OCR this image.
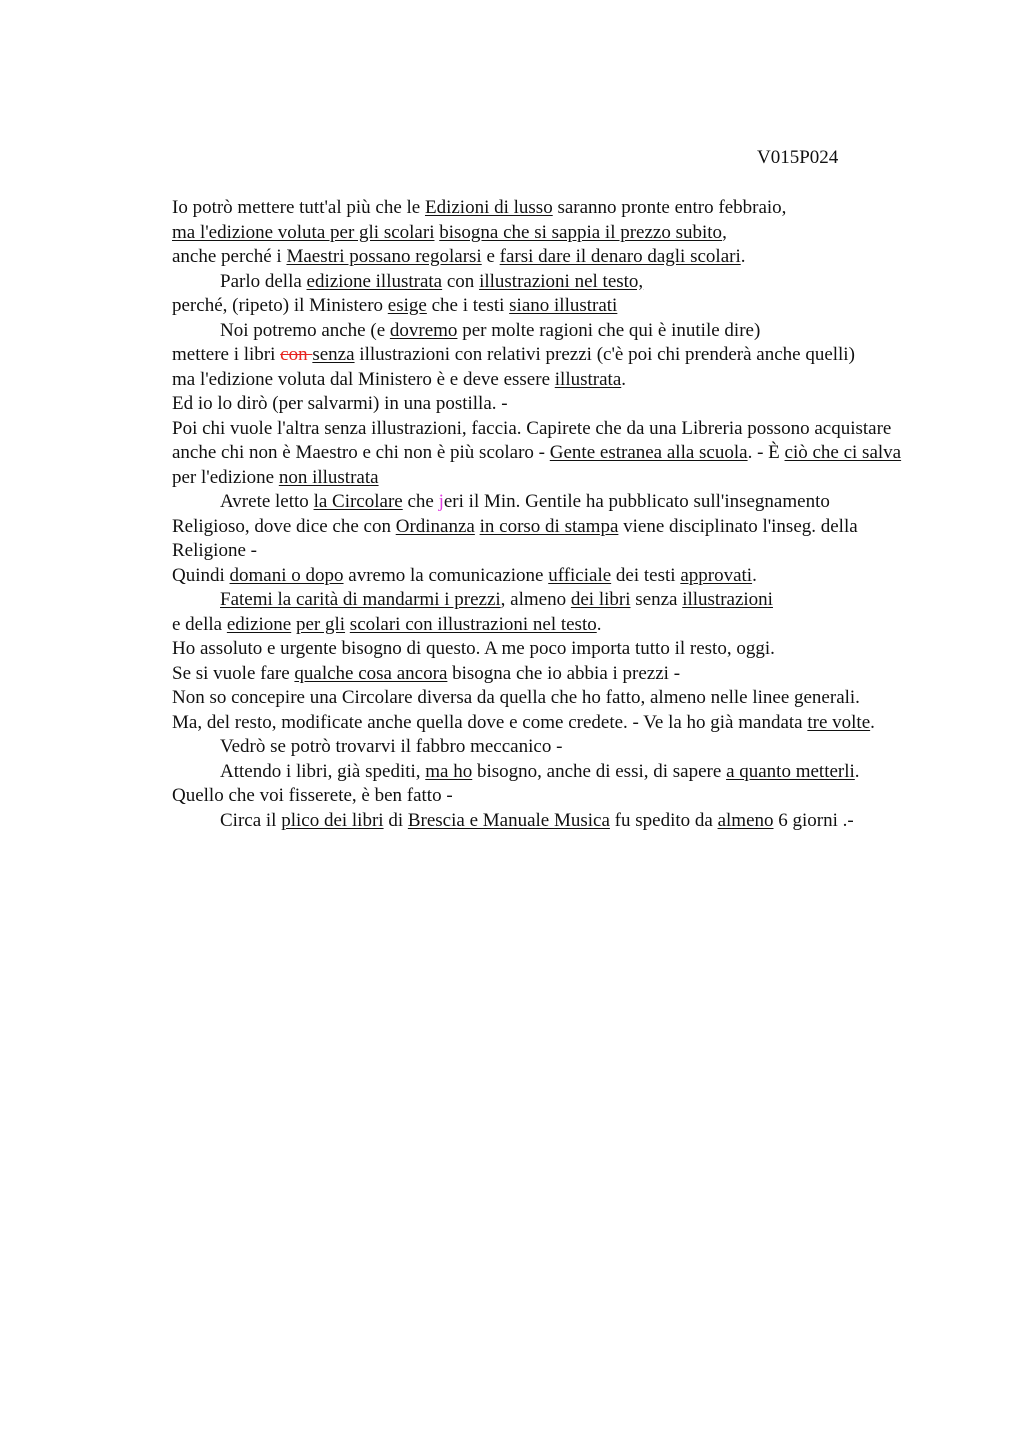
V015P024

Io potrò mettere tutt'al più che le Edizioni di lusso saranno pronte entro febbraio,

ma l'edizione voluta per gli scolari bisogna che si sappia il prezzo subito,

anche perché i Maestri possano regolarsi e farsi dare il denaro dagli scolari.

Parlo della edizione illustrata con illustrazioni nel testo,

perché, (ripeto) il Ministero esige che i testi siano illustrati

Noi potremo anche (e dovremo per molte ragioni che qui è inutile dire)

mettere i libri con senza illustrazioni con relativi prezzi (c'è poi chi prenderà anche quelli)

ma l'edizione voluta dal Ministero è e deve essere illustrata.

Ed io lo dirò (per salvarmi) in una postilla. -

Poi chi vuole l'altra senza illustrazioni, faccia. Capirete che da una Libreria possono acquistare anche chi non è Maestro e chi non è più scolaro - Gente estranea alla scuola. - È ciò che ci salva per l'edizione non illustrata

Avrete letto la Circolare che jeri il Min. Gentile ha pubblicato sull'insegnamento Religioso, dove dice che con Ordinanza in corso di stampa viene disciplinato l'inseg. della Religione -

Quindi domani o dopo avremo la comunicazione ufficiale dei testi approvati.

Fatemi la carità di mandarmi i prezzi, almeno dei libri senza illustrazioni

e della edizione per gli scolari con illustrazioni nel testo.

Ho assoluto e urgente bisogno di questo. A me poco importa tutto il resto, oggi.

Se si vuole fare qualche cosa ancora bisogna che io abbia i prezzi -

Non so concepire una Circolare diversa da quella che ho fatto, almeno nelle linee generali.

Ma, del resto, modificate anche quella dove e come credete. - Ve la ho già mandata tre volte.

Vedrò se potrò trovarvi il fabbro meccanico -

Attendo i libri, già spediti, ma ho bisogno, anche di essi, di sapere a quanto metterli.

Quello che voi fisserete, è ben fatto -

Circa il plico dei libri di Brescia e Manuale Musica fu spedito da almeno 6 giorni .-
